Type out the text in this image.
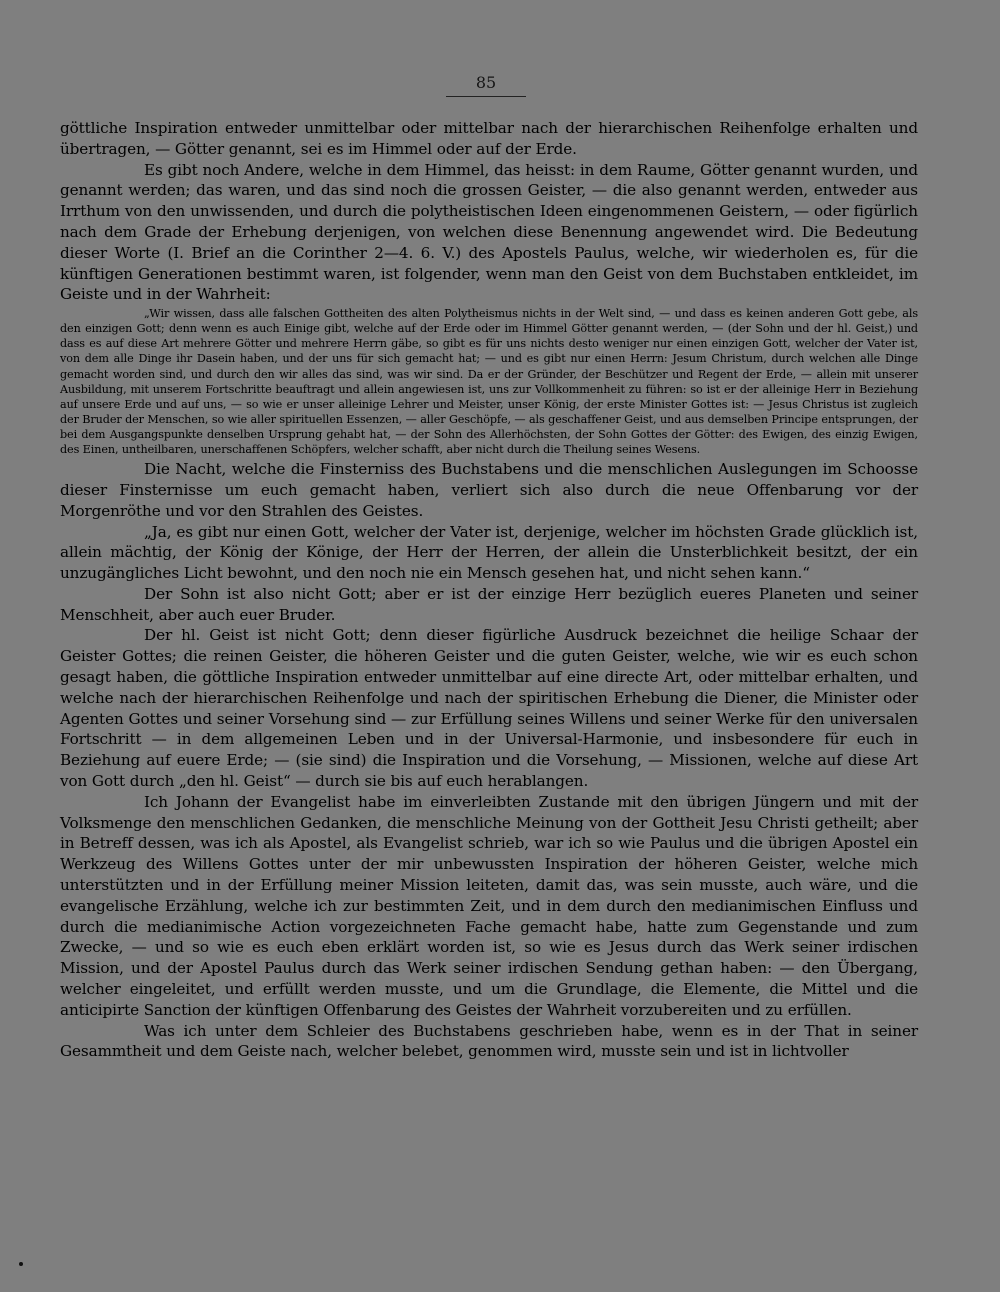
85

göttliche Inspiration entweder unmittelbar oder mittelbar nach der hierarchischen Reihenfolge erhalten und übertragen, — Götter genannt, sei es im Himmel oder auf der Erde.

Es gibt noch Andere, welche in dem Himmel, das heisst: in dem Raume, Götter genannt wurden, und genannt werden; das waren, und das sind noch die grossen Geister, — die also genannt werden, entweder aus Irrthum von den unwissenden, und durch die polytheistischen Ideen eingenommenen Geistern, — oder figürlich nach dem Grade der Erhebung derjenigen, von welchen diese Benennung angewendet wird. Die Bedeutung dieser Worte (I. Brief an die Corinther 2—4. 6. V.) des Apostels Paulus, welche, wir wiederholen es, für die künftigen Generationen bestimmt waren, ist folgender, wenn man den Geist von dem Buchstaben entkleidet, im Geiste und in der Wahrheit:

„Wir wissen, dass alle falschen Gottheiten des alten Polytheismus nichts in der Welt sind, — und dass es keinen anderen Gott gebe, als den einzigen Gott; denn wenn es auch Einige gibt, welche auf der Erde oder im Himmel Götter genannt werden, — (der Sohn und der hl. Geist,) und dass es auf diese Art mehrere Götter und mehrere Herrn gäbe, so gibt es für uns nichts desto weniger nur einen einzigen Gott, welcher der Vater ist, von dem alle Dinge ihr Dasein haben, und der uns für sich gemacht hat; — und es gibt nur einen Herrn: Jesum Christum, durch welchen alle Dinge gemacht worden sind, und durch den wir alles das sind, was wir sind. Da er der Gründer, der Beschützer und Regent der Erde, — allein mit unserer Ausbildung, mit unserem Fortschritte beauftragt und allein angewiesen ist, uns zur Vollkommenheit zu führen: so ist er der alleinige Herr in Beziehung auf unsere Erde und auf uns, — so wie er unser alleinige Lehrer und Meister, unser König, der erste Minister Gottes ist: — Jesus Christus ist zugleich der Bruder der Menschen, so wie aller spirituellen Essenzen, — aller Geschöpfe, — als geschaffener Geist, und aus demselben Principe entsprungen, der bei dem Ausgangspunkte denselben Ursprung gehabt hat, — der Sohn des Allerhöchsten, der Sohn Gottes der Götter: des Ewigen, des einzig Ewigen, des Einen, untheilbaren, unerschaffenen Schöpfers, welcher schafft, aber nicht durch die Theilung seines Wesens.

Die Nacht, welche die Finsterniss des Buchstabens und die menschlichen Auslegungen im Schoosse dieser Finsternisse um euch gemacht haben, verliert sich also durch die neue Offenbarung vor der Morgenröthe und vor den Strahlen des Geistes.

„Ja, es gibt nur einen Gott, welcher der Vater ist, derjenige, welcher im höchsten Grade glücklich ist, allein mächtig, der König der Könige, der Herr der Herren, der allein die Unsterblichkeit besitzt, der ein unzugängliches Licht bewohnt, und den noch nie ein Mensch gesehen hat, und nicht sehen kann.“

Der Sohn ist also nicht Gott; aber er ist der einzige Herr bezüglich eueres Planeten und seiner Menschheit, aber auch euer Bruder.

Der hl. Geist ist nicht Gott; denn dieser figürliche Ausdruck bezeichnet die heilige Schaar der Geister Gottes; die reinen Geister, die höheren Geister und die guten Geister, welche, wie wir es euch schon gesagt haben, die göttliche Inspiration entweder unmittelbar auf eine directe Art, oder mittelbar erhalten, und welche nach der hierarchischen Reihenfolge und nach der spiritischen Erhebung die Diener, die Minister oder Agenten Gottes und seiner Vorsehung sind — zur Erfüllung seines Willens und seiner Werke für den universalen Fortschritt — in dem allgemeinen Leben und in der Universal-Harmonie, und insbesondere für euch in Beziehung auf euere Erde; — (sie sind) die Inspiration und die Vorsehung, — Missionen, welche auf diese Art von Gott durch „den hl. Geist“ — durch sie bis auf euch herablangen.

Ich Johann der Evangelist habe im einverleibten Zustande mit den übrigen Jüngern und mit der Volksmenge den menschlichen Gedanken, die menschliche Meinung von der Gottheit Jesu Christi getheilt; aber in Betreff dessen, was ich als Apostel, als Evangelist schrieb, war ich so wie Paulus und die übrigen Apostel ein Werkzeug des Willens Gottes unter der mir unbewussten Inspiration der höheren Geister, welche mich unterstützten und in der Erfüllung meiner Mission leiteten, damit das, was sein musste, auch wäre, und die evangelische Erzählung, welche ich zur bestimmten Zeit, und in dem durch den medianimischen Einfluss und durch die medianimische Action vorgezeichneten Fache gemacht habe, hatte zum Gegenstande und zum Zwecke, — und so wie es euch eben erklärt worden ist, so wie es Jesus durch das Werk seiner irdischen Mission, und der Apostel Paulus durch das Werk seiner irdischen Sendung gethan haben: — den Übergang, welcher eingeleitet, und erfüllt werden musste, und um die Grundlage, die Elemente, die Mittel und die anticipirte Sanction der künftigen Offenbarung des Geistes der Wahrheit vorzubereiten und zu erfüllen.

Was ich unter dem Schleier des Buchstabens geschrieben habe, wenn es in der That in seiner Gesammtheit und dem Geiste nach, welcher belebet, genommen wird, musste sein und ist in lichtvoller
